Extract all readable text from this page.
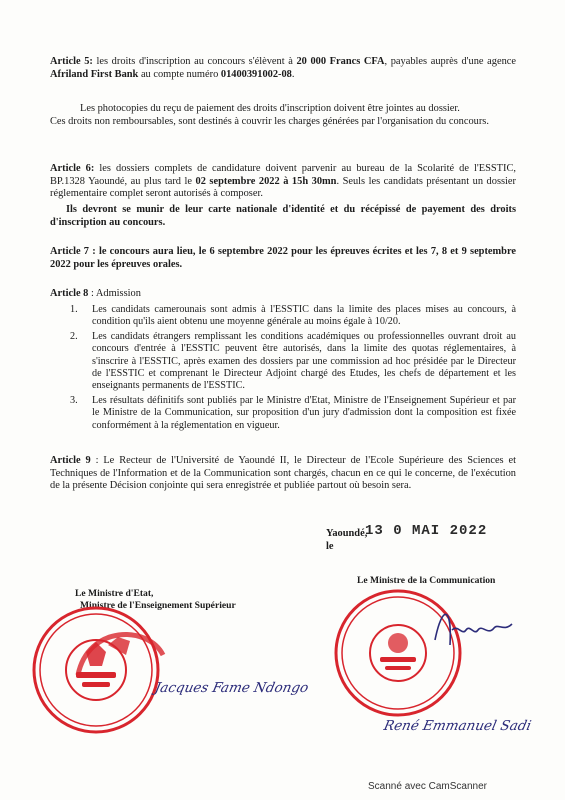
Article 5: les droits d'inscription au concours s'élèvent à 20 000 Francs CFA, payables auprès d'une agence Afriland First Bank au compte numéro 01400391002-08.

Les photocopies du reçu de paiement des droits d'inscription doivent être jointes au dossier.

Ces droits non remboursables, sont destinés à couvrir les charges générées par l'organisation du concours.

Article 6: les dossiers complets de candidature doivent parvenir au bureau de la Scolarité de l'ESSTIC, BP.1328 Yaoundé, au plus tard le 02 septembre 2022 à 15h 30mn. Seuls les candidats présentant un dossier réglementaire complet seront autorisés à composer.

Ils devront se munir de leur carte nationale d'identité et du récépissé de payement des droits d'inscription au concours.

Article 7 : le concours aura lieu, le 6 septembre 2022 pour les épreuves écrites et les 7, 8 et 9 septembre 2022 pour les épreuves orales.

Article 8 : Admission

1. Les candidats camerounais sont admis à l'ESSTIC dans la limite des places mises au concours, à condition qu'ils aient obtenu une moyenne générale au moins égale à 10/20.
2. Les candidats étrangers remplissant les conditions académiques ou professionnelles ouvrant droit au concours d'entrée à l'ESSTIC peuvent être autorisés, dans la limite des quotas réglementaires, à s'inscrire à l'ESSTIC, après examen des dossiers par une commission ad hoc présidée par le Directeur de l'ESSTIC et comprenant le Directeur Adjoint chargé des Etudes, les chefs de département et les enseignants permanents de l'ESSTIC.
3. Les résultats définitifs sont publiés par le Ministre d'Etat, Ministre de l'Enseignement Supérieur et par le Ministre de la Communication, sur proposition d'un jury d'admission dont la composition est fixée conformément à la réglementation en vigueur.

Article 9 : Le Recteur de l'Université de Yaoundé II, le Directeur de l'Ecole Supérieure des Sciences et Techniques de l'Information et de la Communication sont chargés, chacun en ce qui le concerne, de l'exécution de la présente Décision conjointe qui sera enregistrée et publiée partout où besoin sera.

Yaoundé,
le
13 0 MAI 2022
Le Ministre d'Etat,
Ministre de l'Enseignement Supérieur
Jacques Fame Ndongo
Le Ministre de la Communication
René Emmanuel Sadi
Scanné avec CamScanner
